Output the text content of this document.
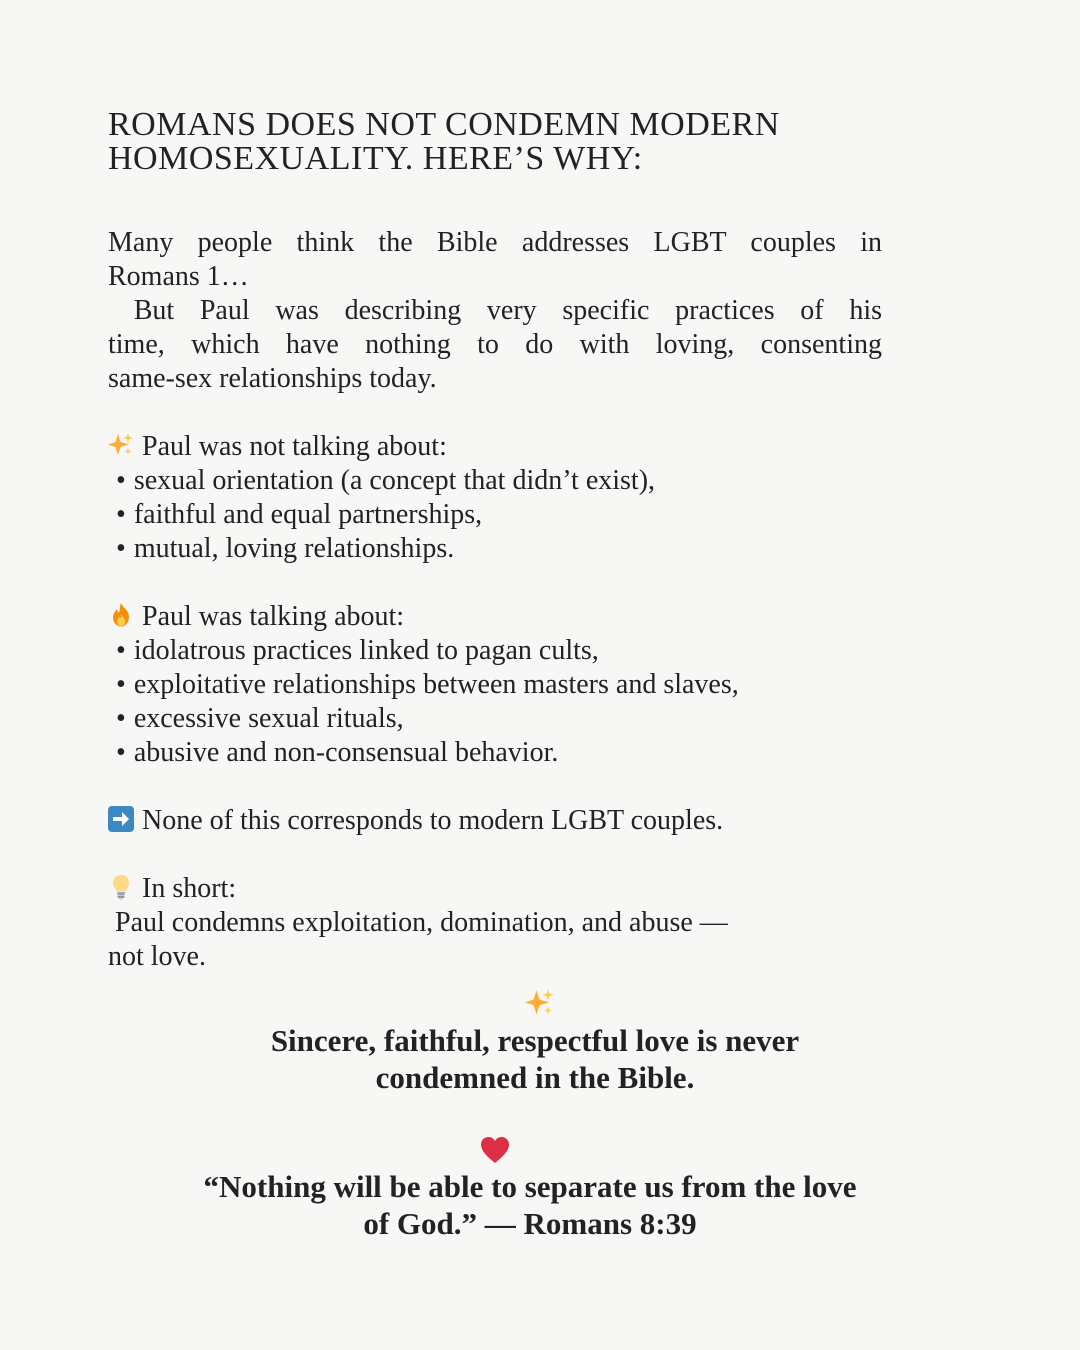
ROMANS DOES NOT CONDEMN MODERN
HOMOSEXUALITY. HERE’S WHY:
Many people think the Bible addresses LGBT couples in
Romans 1…
But Paul was describing very specific practices of his
time, which have nothing to do with loving, consenting
same-sex relationships today.
Paul was not talking about:
• sexual orientation (a concept that didn’t exist),
• faithful and equal partnerships,
• mutual, loving relationships.
Paul was talking about:
• idolatrous practices linked to pagan cults,
• exploitative relationships between masters and slaves,
• excessive sexual rituals,
• abusive and non-consensual behavior.
None of this corresponds to modern LGBT couples.
In short:
Paul condemns exploitation, domination, and abuse —
not love.
Sincere, faithful, respectful love is never
condemned in the Bible.
“Nothing will be able to separate us from the love
of God.” — Romans 8:39
